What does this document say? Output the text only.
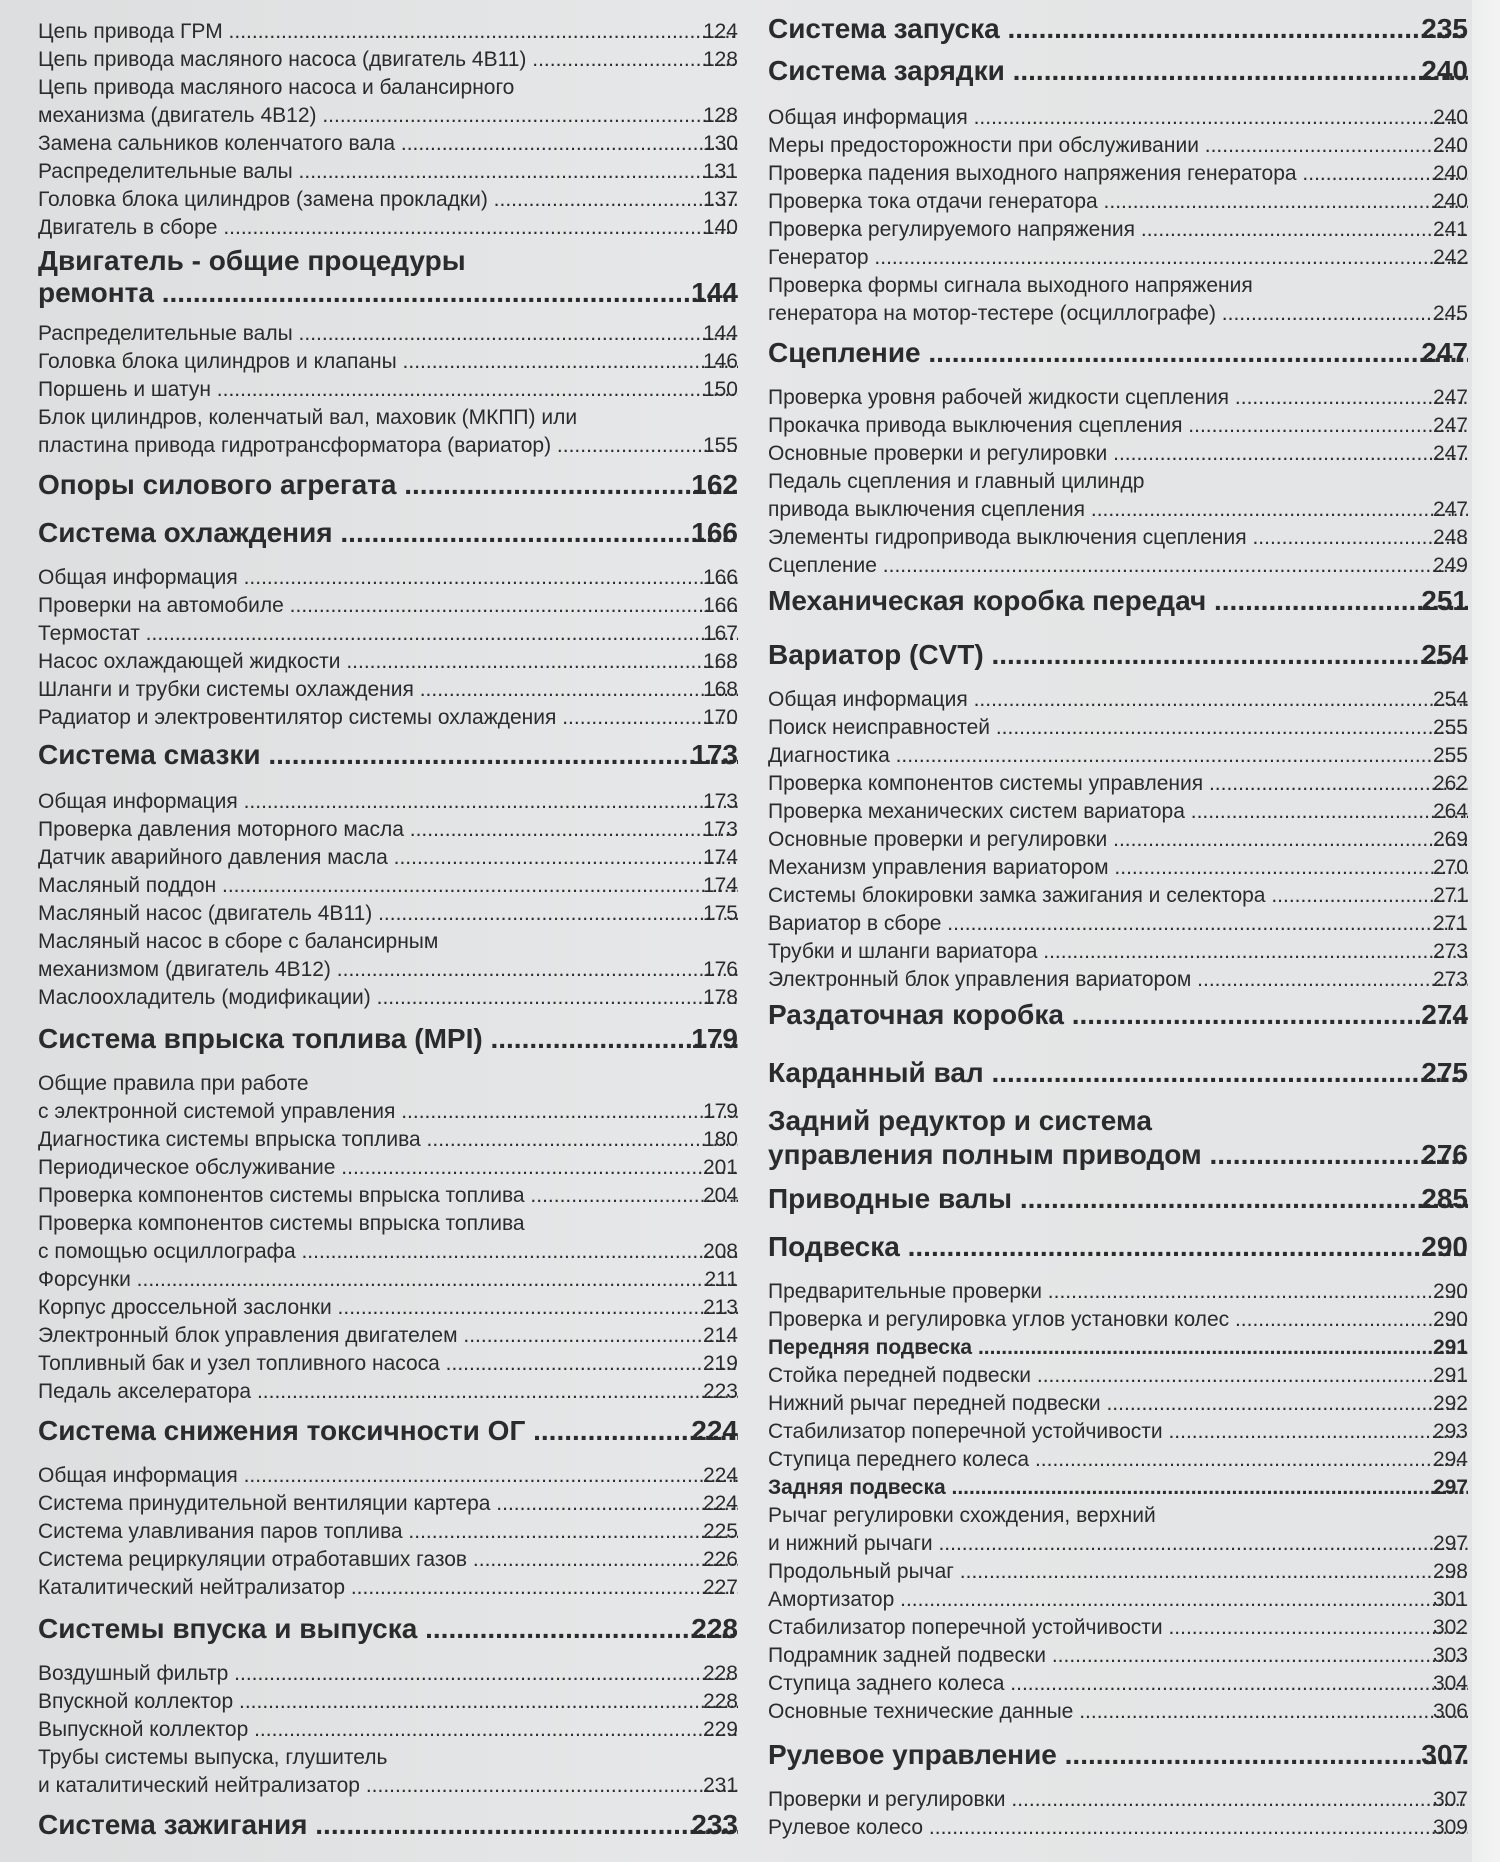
Цепь привода ГРМ .....	124
Цепь привода масляного насоса (двигатель 4B11) .....	128
Цепь привода масляного насоса и балансирного
механизма (двигатель 4B12) .....	128
Замена сальников коленчатого вала .....	130
Распределительные валы .....	131
Головка блока цилиндров (замена прокладки) .....	137
Двигатель в сборе .....	140
Двигатель - общие процедуры
ремонта .....	144
Распределительные валы .....	144
Головка блока цилиндров и клапаны .....	146
Поршень и шатун .....	150
Блок цилиндров, коленчатый вал, маховик (МКПП) или
пластина привода гидротрансформатора (вариатор) .....	155
Опоры силового агрегата .....	162
Система охлаждения .....	166
Общая информация .....	166
Проверки на автомобиле .....	166
Термостат .....	167
Насос охлаждающей жидкости .....	168
Шланги и трубки системы охлаждения .....	168
Радиатор и электровентилятор системы охлаждения .....	170
Система смазки .....	173
Общая информация .....	173
Проверка давления моторного масла .....	173
Датчик аварийного давления масла .....	174
Масляный поддон .....	174
Масляный насос (двигатель 4B11) .....	175
Масляный насос в сборе с балансирным
механизмом (двигатель 4B12) .....	176
Маслоохладитель (модификации) .....	178
Система впрыска топлива (MPI) .....	179
Общие правила при работе
с электронной системой управления .....	179
Диагностика системы впрыска топлива .....	180
Периодическое обслуживание .....	201
Проверка компонентов системы впрыска топлива .....	204
Проверка компонентов системы впрыска топлива
с помощью осциллографа .....	208
Форсунки .....	211
Корпус дроссельной заслонки .....	213
Электронный блок управления двигателем .....	214
Топливный бак и узел топливного насоса .....	219
Педаль акселератора .....	223
Система снижения токсичности ОГ .....	224
Общая информация .....	224
Система принудительной вентиляции картера .....	224
Система улавливания паров топлива .....	225
Система рециркуляции отработавших газов .....	226
Каталитический нейтрализатор .....	227
Системы впуска и выпуска .....	228
Воздушный фильтр .....	228
Впускной коллектор .....	228
Выпускной коллектор .....	229
Трубы системы выпуска, глушитель
и каталитический нейтрализатор .....	231
Система зажигания .....	233
Система запуска .....	235
Система зарядки .....	240
Общая информация .....	240
Меры предосторожности при обслуживании .....	240
Проверка падения выходного напряжения генератора .....	240
Проверка тока отдачи генератора .....	240
Проверка регулируемого напряжения .....	241
Генератор .....	242
Проверка формы сигнала выходного напряжения
генератора на мотор-тестере (осциллографе) .....	245
Сцепление .....	247
Проверка уровня рабочей жидкости сцепления .....	247
Прокачка привода выключения сцепления .....	247
Основные проверки и регулировки .....	247
Педаль сцепления и главный цилиндр
привода выключения сцепления .....	247
Элементы гидропривода выключения сцепления .....	248
Сцепление .....	249
Механическая коробка передач .....	251
Вариатор (CVT) .....	254
Общая информация .....	254
Поиск неисправностей .....	255
Диагностика .....	255
Проверка компонентов системы управления .....	262
Проверка механических систем вариатора .....	264
Основные проверки и регулировки .....	269
Механизм управления вариатором .....	270
Системы блокировки замка зажигания и селектора .....	271
Вариатор в сборе .....	271
Трубки и шланги вариатора .....	273
Электронный блок управления вариатором .....	273
Раздаточная коробка .....	274
Карданный вал .....	275
Задний редуктор и система
управления полным приводом .....	276
Приводные валы .....	285
Подвеска .....	290
Предварительные проверки .....	290
Проверка и регулировка углов установки колес .....	290
Передняя подвеска .....	291
Стойка передней подвески .....	291
Нижний рычаг передней подвески .....	292
Стабилизатор поперечной устойчивости .....	293
Ступица переднего колеса .....	294
Задняя подвеска .....	297
Рычаг регулировки схождения, верхний
и нижний рычаги .....	297
Продольный рычаг .....	298
Амортизатор .....	301
Стабилизатор поперечной устойчивости .....	302
Подрамник задней подвески .....	303
Ступица заднего колеса .....	304
Основные технические данные .....	306
Рулевое управление .....	307
Проверки и регулировки .....	307
Рулевое колесо .....	309
